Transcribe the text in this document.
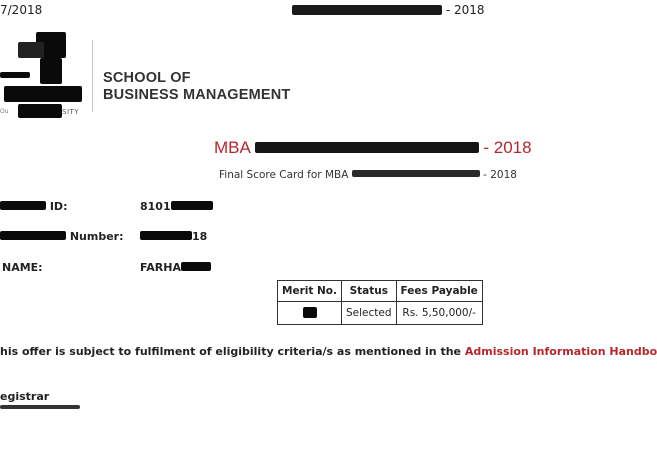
7/2018	- 2018
Ou	SITY
SCHOOL OF
BUSINESS MANAGEMENT
MBA	- 2018
Final Score Card for MBA	- 2018
ID:	8101
Number:	18
NAME:	FARHA
Merit No.	Status	Fees Payable
	Selected	Rs. 5,50,000/-
his offer is subject to fulfilment of eligibility criteria/s as mentioned in the Admission Information Handbo
egistrar
